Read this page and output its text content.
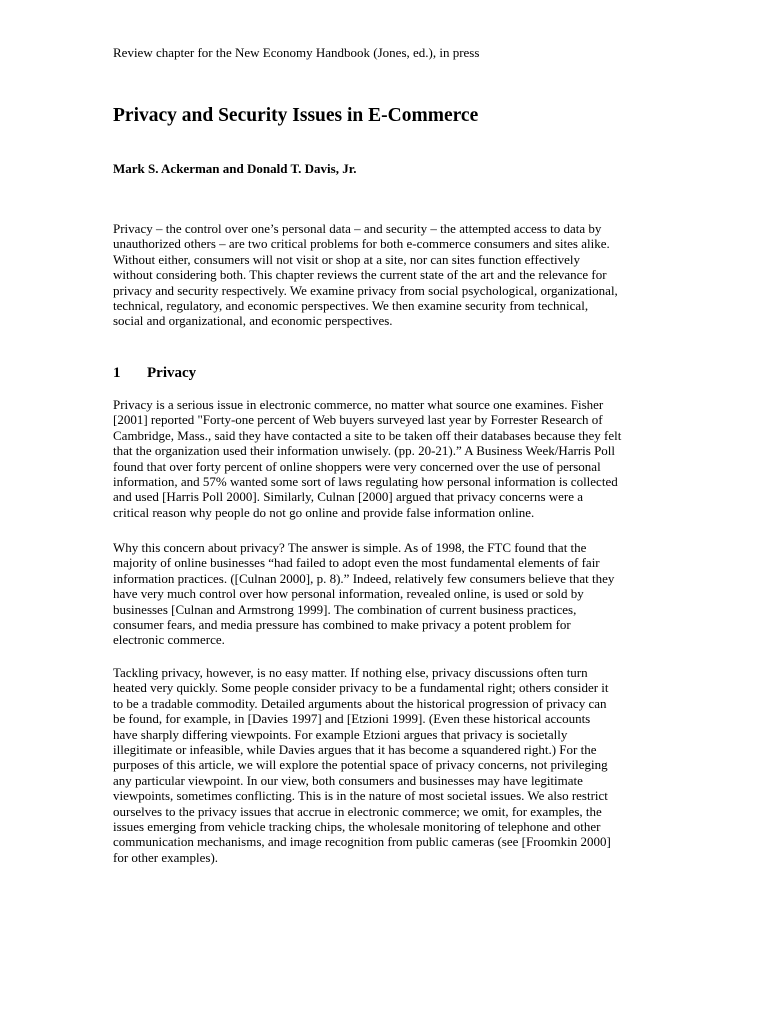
Review chapter for the New Economy Handbook (Jones, ed.), in press
Privacy and Security Issues in E-Commerce
Mark S. Ackerman and Donald T. Davis, Jr.
Privacy – the control over one’s personal data – and security – the attempted access to data by
unauthorized others – are two critical problems for both e-commerce consumers and sites alike.
Without either, consumers will not visit or shop at a site, nor can sites function effectively
without considering both. This chapter reviews the current state of the art and the relevance for
privacy and security respectively. We examine privacy from social psychological, organizational,
technical, regulatory, and economic perspectives. We then examine security from technical,
social and organizational, and economic perspectives.
1 Privacy
Privacy is a serious issue in electronic commerce, no matter what source one examines. Fisher
[2001] reported "Forty-one percent of Web buyers surveyed last year by Forrester Research of
Cambridge, Mass., said they have contacted a site to be taken off their databases because they felt
that the organization used their information unwisely. (pp. 20-21).” A Business Week/Harris Poll
found that over forty percent of online shoppers were very concerned over the use of personal
information, and 57% wanted some sort of laws regulating how personal information is collected
and used [Harris Poll 2000]. Similarly, Culnan [2000] argued that privacy concerns were a
critical reason why people do not go online and provide false information online.
Why this concern about privacy? The answer is simple. As of 1998, the FTC found that the
majority of online businesses “had failed to adopt even the most fundamental elements of fair
information practices. ([Culnan 2000], p. 8).” Indeed, relatively few consumers believe that they
have very much control over how personal information, revealed online, is used or sold by
businesses [Culnan and Armstrong 1999]. The combination of current business practices,
consumer fears, and media pressure has combined to make privacy a potent problem for
electronic commerce.
Tackling privacy, however, is no easy matter. If nothing else, privacy discussions often turn
heated very quickly. Some people consider privacy to be a fundamental right; others consider it
to be a tradable commodity. Detailed arguments about the historical progression of privacy can
be found, for example, in [Davies 1997] and [Etzioni 1999]. (Even these historical accounts
have sharply differing viewpoints. For example Etzioni argues that privacy is societally
illegitimate or infeasible, while Davies argues that it has become a squandered right.) For the
purposes of this article, we will explore the potential space of privacy concerns, not privileging
any particular viewpoint. In our view, both consumers and businesses may have legitimate
viewpoints, sometimes conflicting. This is in the nature of most societal issues. We also restrict
ourselves to the privacy issues that accrue in electronic commerce; we omit, for examples, the
issues emerging from vehicle tracking chips, the wholesale monitoring of telephone and other
communication mechanisms, and image recognition from public cameras (see [Froomkin 2000]
for other examples).
